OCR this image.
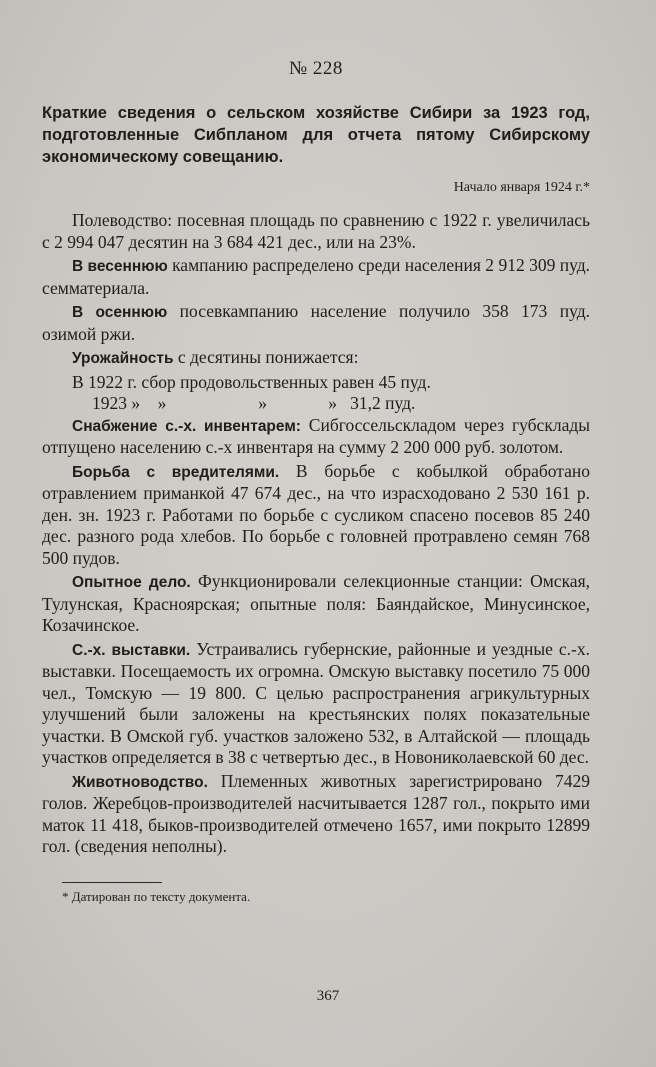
№ 228
Краткие сведения о сельском хозяйстве Сибири за 1923 год, подготовленные Сибпланом для отчета пятому Сибирскому экономическому совещанию.
Начало января 1924 г.*

Полеводство: посевная площадь по сравнению с 1922 г. увеличилась с 2 994 047 десятин на 3 684 421 дес., или на 23%.

В весеннюю кампанию распределено среди населения 2 912 309 пуд. семматериала.

В осеннюю посевкампанию население получило 358 173 пуд. озимой ржи.

Урожайность с десятины понижается:

В 1922 г. сбор продовольственных равен 45 пуд.
1923 »    »                     »              »   31,2 пуд.

Снабжение с.-х. инвентарем: Сибгоссельскладом через губсклады отпущено населению с.-х инвентаря на сумму 2 200 000 руб. золотом.

Борьба с вредителями. В борьбе с кобылкой обработано отравлением приманкой 47 674 дес., на что израсходовано 2 530 161 р. ден. зн. 1923 г. Работами по борьбе с сусликом спасено посевов 85 240 дес. разного рода хлебов. По борьбе с головней протравлено семян 768 500 пудов.

Опытное дело. Функционировали селекционные станции: Омская, Тулунская, Красноярская; опытные поля: Баяндайское, Минусинское, Козачинское.

С.-х. выставки. Устраивались губернские, районные и уездные с.-х. выставки. Посещаемость их огромна. Омскую выставку посетило 75 000 чел., Томскую — 19 800. С целью распространения агрикультурных улучшений были заложены на крестьянских полях показательные участки. В Омской губ. участков заложено 532, в Алтайской — площадь участков определяется в 38 с четвертью дес., в Новониколаевской 60 дес.

Животноводство. Племенных животных зарегистрировано 7429 голов. Жеребцов-производителей насчитывается 1287 гол., покрыто ими маток 11 418, быков-производителей отмечено 1657, ими покрыто 12899 гол. (сведения неполны).

* Датирован по тексту документа.
367
